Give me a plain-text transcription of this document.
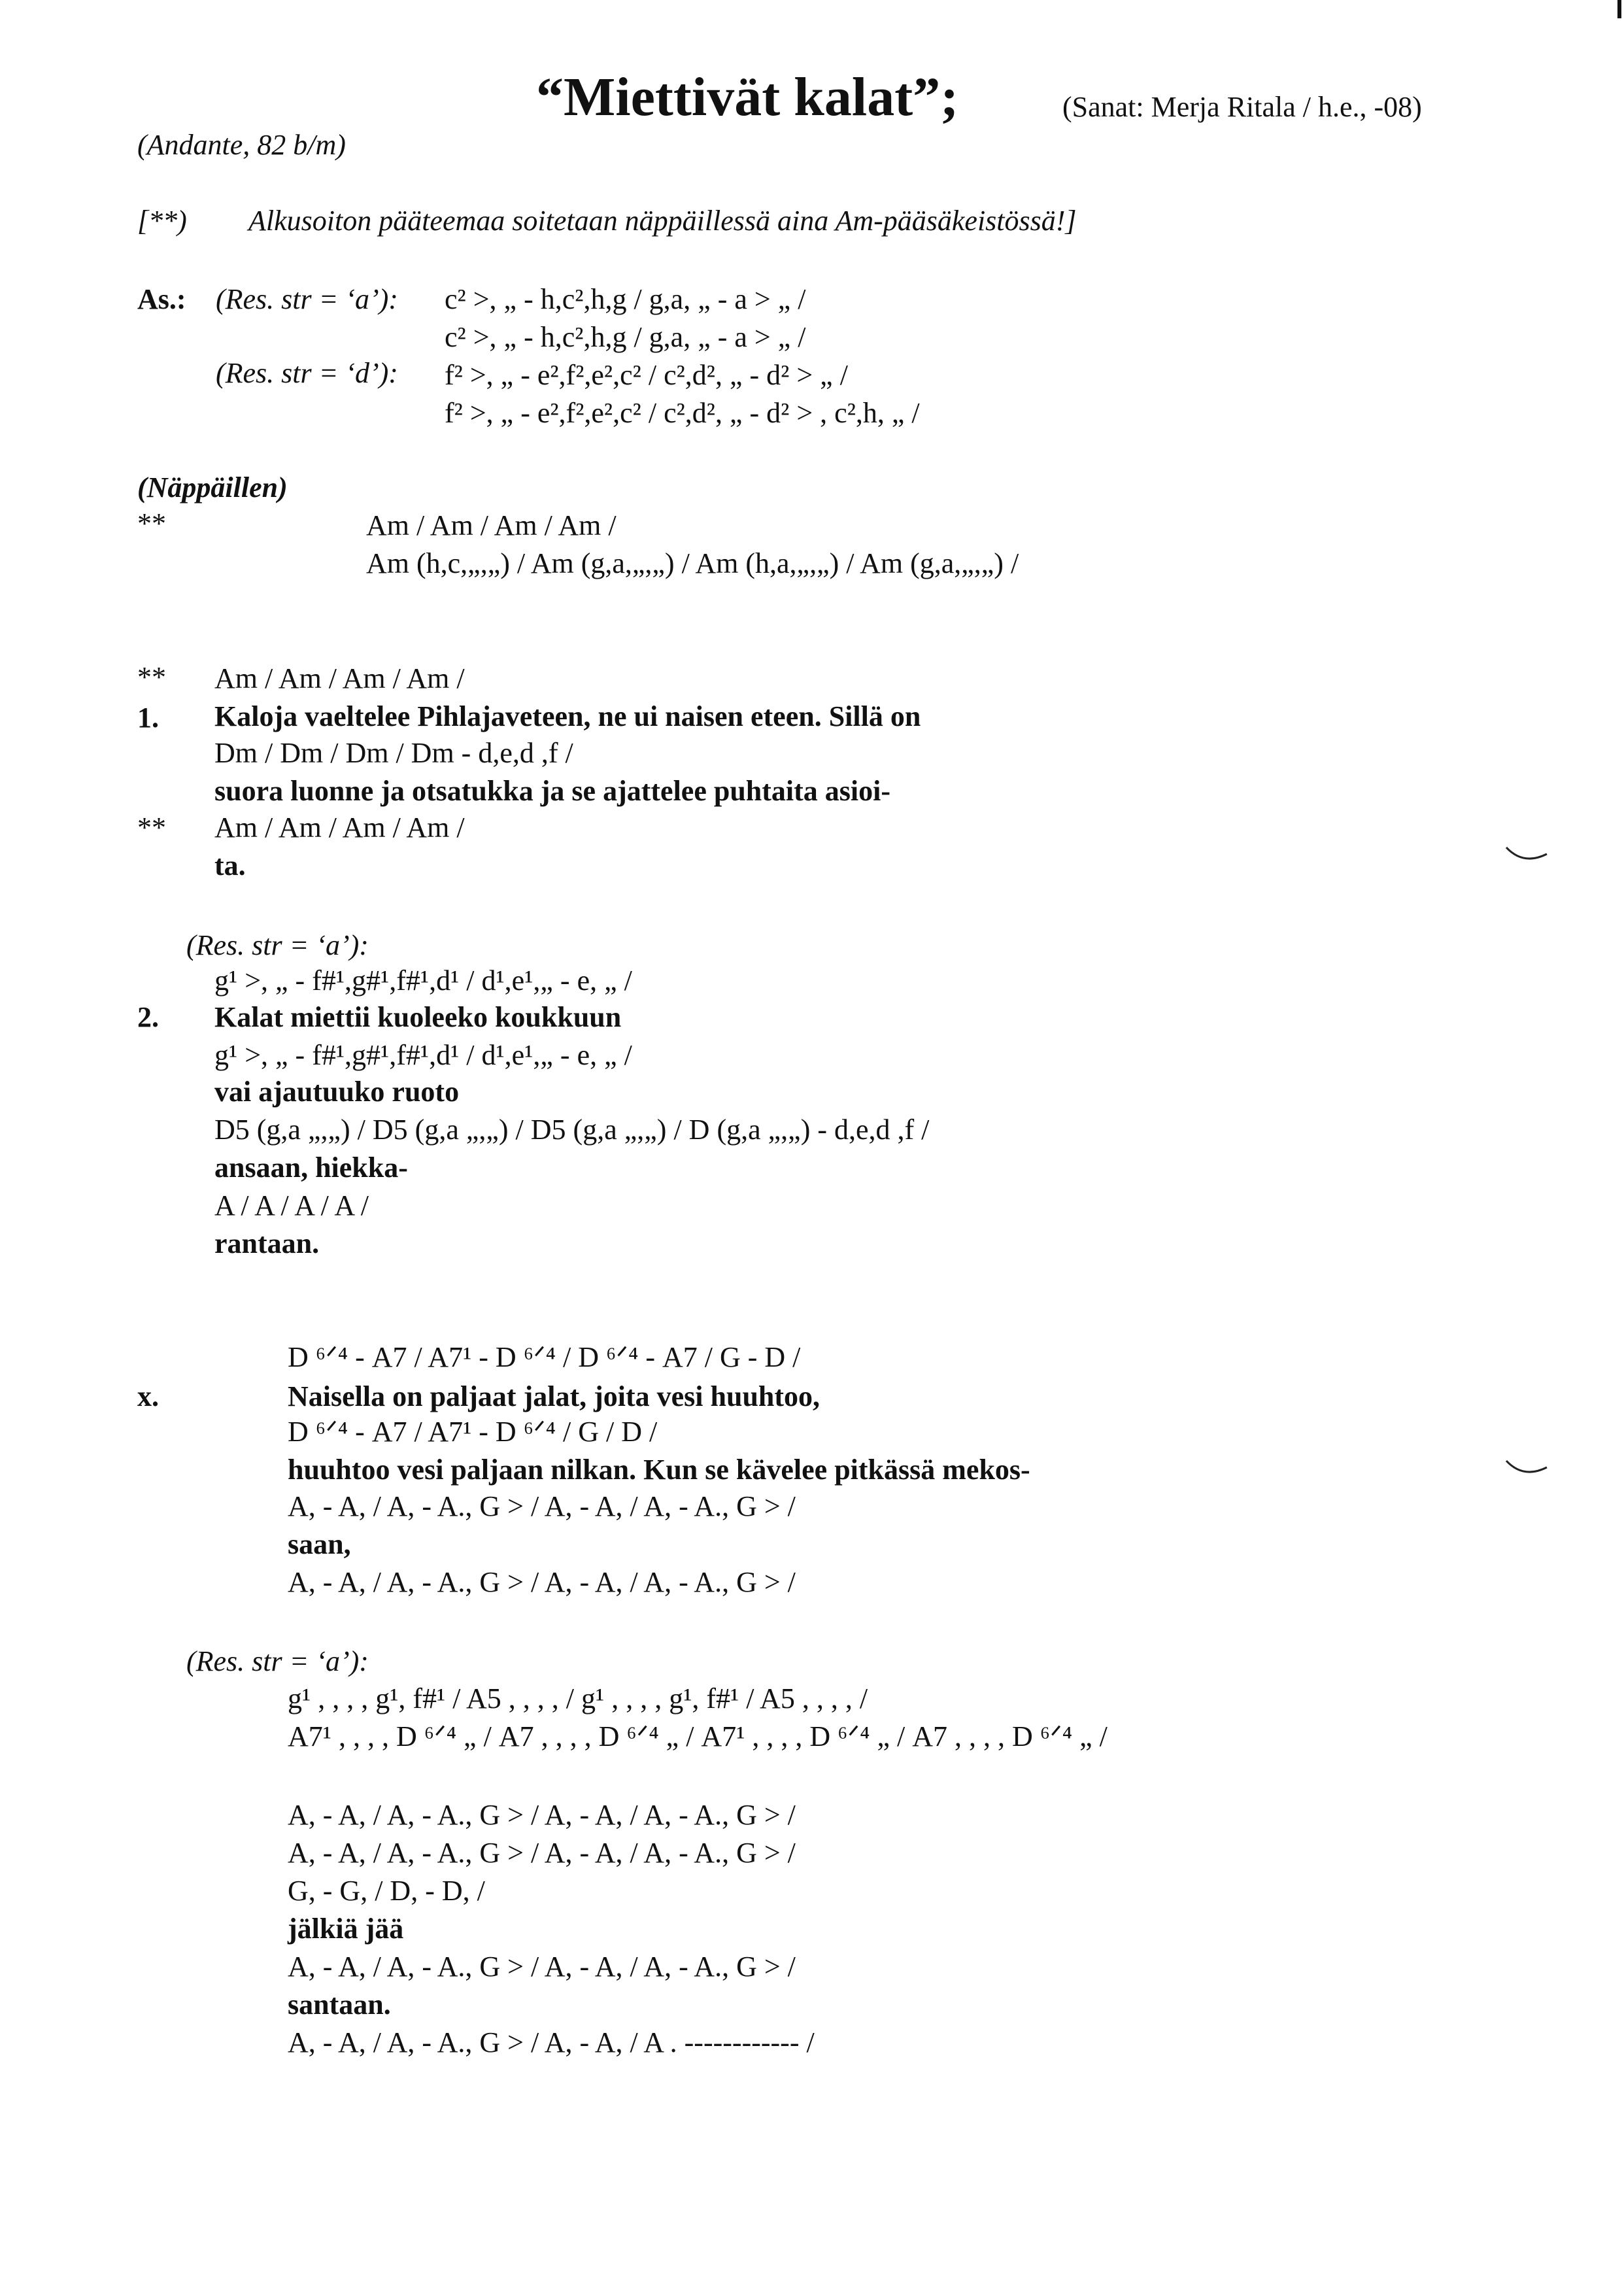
“Miettivät kalat”;	(Sanat: Merja Ritala / h.e., -08)
(Andante, 82 b/m)
[**) Alkusoiton pääteemaa soitetaan näppäillessä aina Am-pääsäkeistössä!]
As.: (Res. str = ‘a’):
(Res. str = ‘d’):
c² >, „ - h,c²,h,g / g,a, „ - a > „ /
c² >, „ - h,c²,h,g / g,a, „ - a > „ /
f² >, „ - e²,f²,e²,c² / c²,d², „ - d² > „ /
f² >, „ - e²,f²,e²,c² / c²,d², „ - d² > , c²,h, „ /
(Näppäillen)
**	Am / Am / Am / Am /
Am (h,c,„,„) / Am (g,a,„,„) / Am (h,a,„,„) / Am (g,a,„,„) /
**
1.
**
Am / Am / Am / Am /
Kaloja vaeltelee Pihlajaveteen, ne ui naisen eteen. Sillä on
Dm / Dm / Dm / Dm - d,e,d ,f /
suora luonne ja otsatukka ja se ajattelee puhtaita asioi-
Am / Am / Am / Am /
ta.
(Res. str = ‘a’):
2.
g¹ >, „ - f#¹,g#¹,f#¹,d¹ / d¹,e¹,„ - e, „ /
Kalat miettii kuoleeko koukkuun
g¹ >, „ - f#¹,g#¹,f#¹,d¹ / d¹,e¹,„ - e, „ /
vai ajautuuko ruoto
D5 (g,a „,„) / D5 (g,a „,„) / D5 (g,a „,„) / D (g,a „,„) - d,e,d ,f /
ansaan, hiekka-
A / A / A / A /
rantaan.
x.
D ⁶ᐟ⁴ - A7 / A7¹ - D ⁶ᐟ⁴ / D ⁶ᐟ⁴ - A7 / G - D /
Naisella on paljaat jalat, joita vesi huuhtoo,
D ⁶ᐟ⁴ - A7 / A7¹ - D ⁶ᐟ⁴ / G / D /
huuhtoo vesi paljaan nilkan. Kun se kävelee pitkässä mekos-
A, - A, / A, - A., G > / A, - A, / A, - A., G > /
saan,
A, - A, / A, - A., G > / A, - A, / A, - A., G > /
(Res. str = ‘a’):
g¹ , , , , g¹, f#¹ / A5 , , , , / g¹ , , , , g¹, f#¹ / A5 , , , , /
A7¹ , , , , D ⁶ᐟ⁴ „ / A7 , , , , D ⁶ᐟ⁴ „ / A7¹ , , , , D ⁶ᐟ⁴ „ / A7 , , , , D ⁶ᐟ⁴ „ /
A, - A, / A, - A., G > / A, - A, / A, - A., G > /
A, - A, / A, - A., G > / A, - A, / A, - A., G > /
G, - G, / D, - D, /
jälkiä jää
A, - A, / A, - A., G > / A, - A, / A, - A., G > /
santaan.
A, - A, / A, - A., G > / A, - A, / A . ------------ /
